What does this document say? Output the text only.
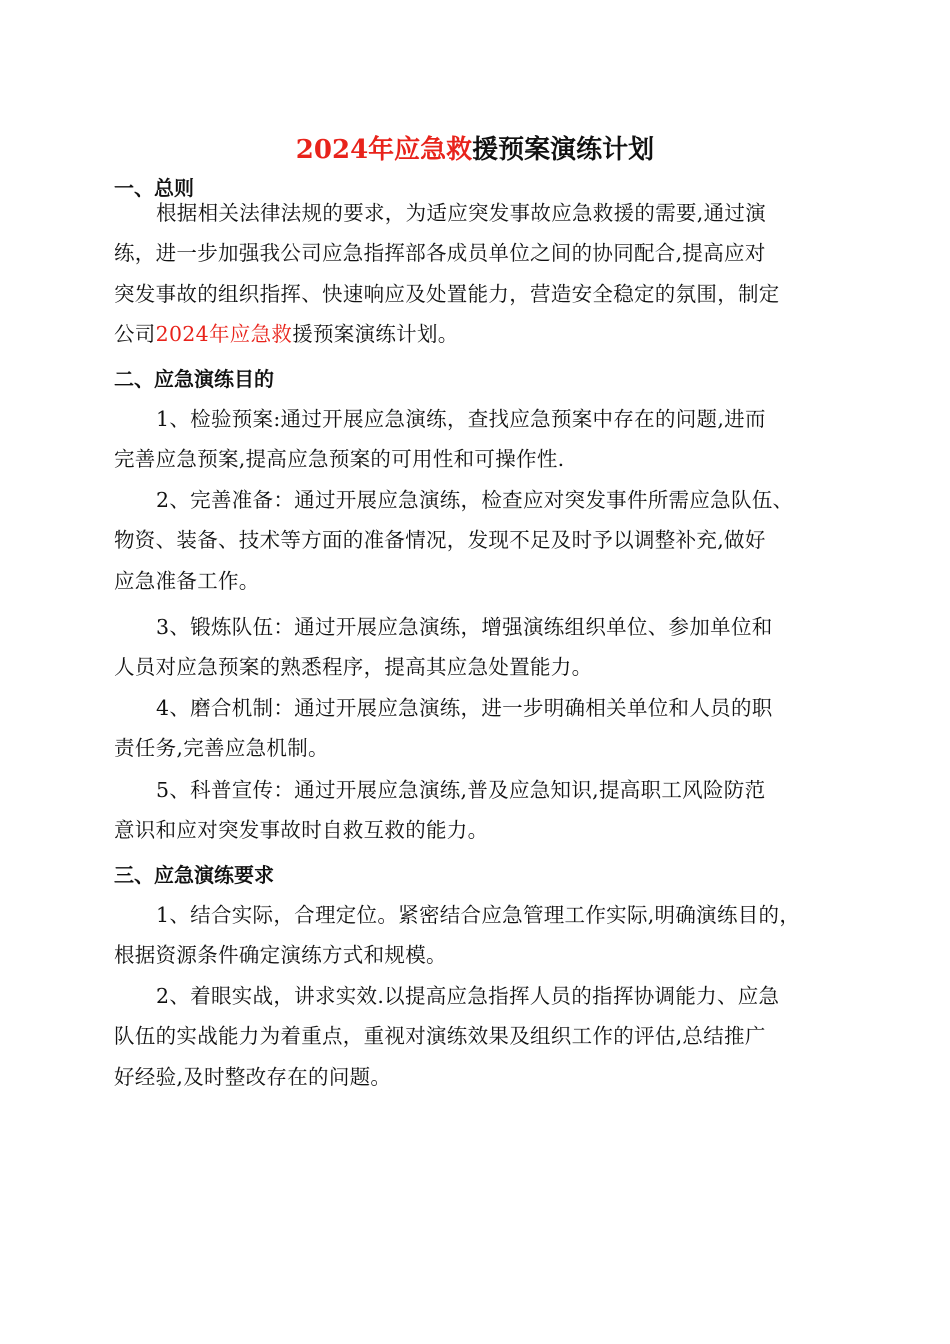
2024年应急救援预案演练计划
一、总则
根据相关法律法规的要求，为适应突发事故应急救援的需要,通过演
练，进一步加强我公司应急指挥部各成员单位之间的协同配合,提高应对
突发事故的组织指挥、快速响应及处置能力，营造安全稳定的氛围，制定
公司2024年应急救援预案演练计划。
二、应急演练目的
1、检验预案:通过开展应急演练，查找应急预案中存在的问题,进而
完善应急预案,提高应急预案的可用性和可操作性.
2、完善准备：通过开展应急演练，检查应对突发事件所需应急队伍、
物资、装备、技术等方面的准备情况，发现不足及时予以调整补充,做好
应急准备工作。
3、锻炼队伍：通过开展应急演练，增强演练组织单位、参加单位和
人员对应急预案的熟悉程序，提高其应急处置能力。
4、磨合机制：通过开展应急演练，进一步明确相关单位和人员的职
责任务,完善应急机制。
5、科普宣传：通过开展应急演练,普及应急知识,提高职工风险防范
意识和应对突发事故时自救互救的能力。
三、应急演练要求
1、结合实际，合理定位。紧密结合应急管理工作实际,明确演练目的，
根据资源条件确定演练方式和规模。
2、着眼实战，讲求实效.以提高应急指挥人员的指挥协调能力、应急
队伍的实战能力为着重点，重视对演练效果及组织工作的评估,总结推广
好经验,及时整改存在的问题。
